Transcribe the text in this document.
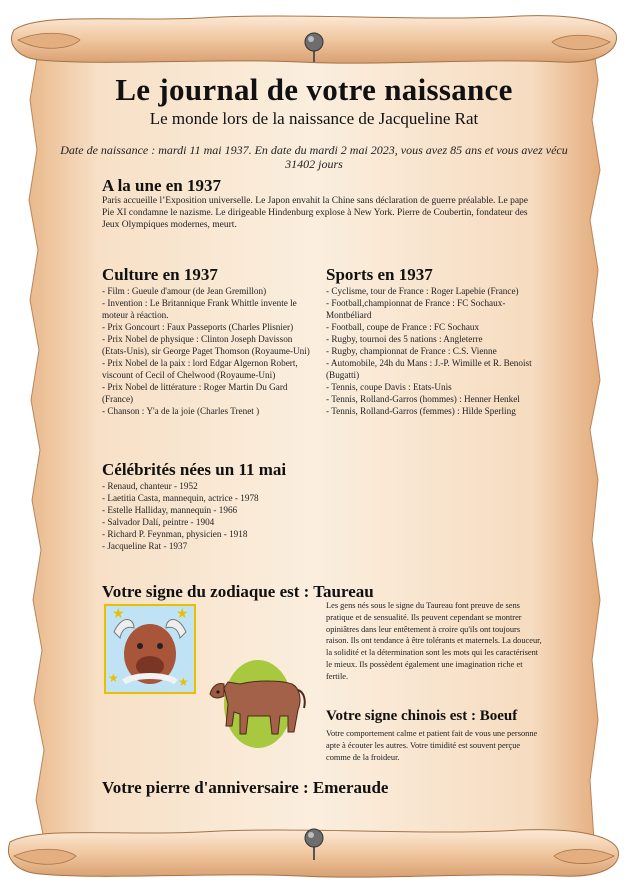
Le journal de votre naissance
Le monde lors de la naissance de Jacqueline Rat
Date de naissance : mardi 11 mai 1937. En date du mardi 2 mai 2023, vous avez 85 ans et vous avez vécu 31402 jours
A la une en 1937
Paris accueille l’Exposition universelle. Le Japon envahit la Chine sans déclaration de guerre préalable. Le pape Pie XI condamne le nazisme. Le dirigeable Hindenburg explose à New York. Pierre de Coubertin, fondateur des Jeux Olympiques modernes, meurt.
Culture en 1937
- Film : Gueule d'amour (de Jean Gremillon)
- Invention : Le Britannique Frank Whittle invente le moteur à réaction.
- Prix Goncourt : Faux Passeports (Charles Plisnier)
- Prix Nobel de physique : Clinton Joseph Davisson (Etats-Unis), sir George Paget Thomson (Royaume-Uni)
- Prix Nobel de la paix : lord Edgar Algernon Robert, viscount of Cecil of Chelwood (Royaume-Uni)
- Prix Nobel de littérature : Roger Martin Du Gard (France)
- Chanson : Y'a de la joie (Charles Trenet )
Sports en 1937
- Cyclisme, tour de France : Roger Lapebie (France)
- Football,championnat de France : FC Sochaux-Montbéliard
- Football, coupe de France : FC Sochaux
- Rugby, tournoi des 5 nations : Angleterre
- Rugby, championnat de France : C.S. Vienne
- Automobile, 24h du Mans : J.-P. Wimille et R. Benoist (Bugatti)
- Tennis, coupe Davis : Etats-Unis
- Tennis, Rolland-Garros (hommes) : Henner Henkel
- Tennis, Rolland-Garros (femmes) : Hilde Sperling
Célébrités nées un 11 mai
- Renaud, chanteur - 1952
- Laetitia Casta, mannequin, actrice - 1978
- Estelle Halliday, mannequin - 1966
- Salvador Dalí, peintre - 1904
- Richard P. Feynman, physicien - 1918
- Jacqueline Rat - 1937
Votre signe du zodiaque est : Taureau
Les gens nés sous le signe du Taureau font preuve de sens pratique et de sensualité. Ils peuvent cependant se montrer opiniâtres dans leur entêtement à croire qu'ils ont toujours raison. Ils ont tendance à être tolérants et maternels. La douceur, la solidité et la détermination sont les mots qui les caractérisent le mieux. Ils possèdent également une imagination riche et fertile.
★	★
★	★
Votre signe chinois est : Boeuf
Votre comportement calme et patient fait de vous une personne apte à écouter les autres. Votre timidité est souvent perçue comme de la froideur.
Votre pierre d'anniversaire : Emeraude
